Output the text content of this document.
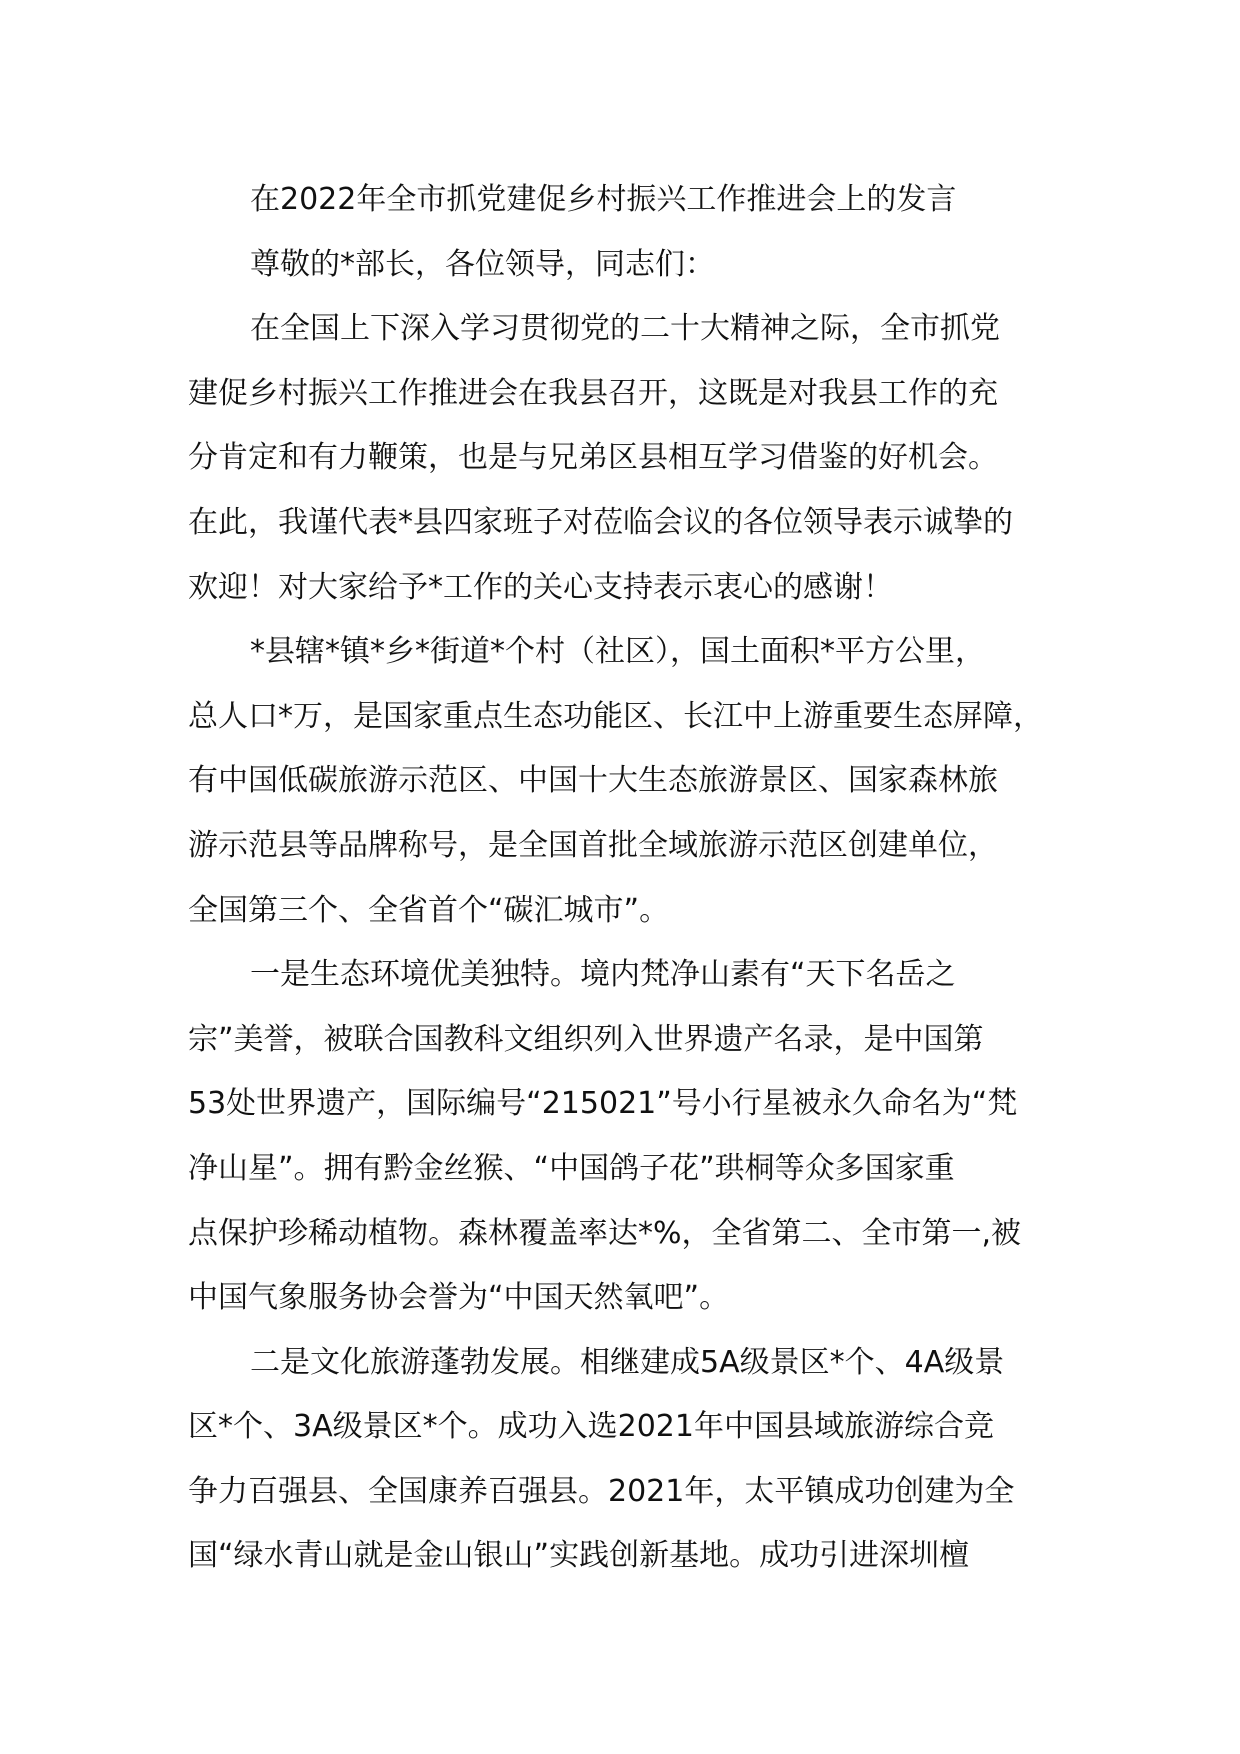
在2022年全市抓党建促乡村振兴工作推进会上的发言
尊敬的*部长，各位领导，同志们：
在全国上下深入学习贯彻党的二十大精神之际，全市抓党
建促乡村振兴工作推进会在我县召开，这既是对我县工作的充
分肯定和有力鞭策，也是与兄弟区县相互学习借鉴的好机会。
在此，我谨代表*县四家班子对莅临会议的各位领导表示诚挚的
欢迎！对大家给予*工作的关心支持表示衷心的感谢！
*县辖*镇*乡*街道*个村（社区），国土面积*平方公里，
总人口*万，是国家重点生态功能区、长江中上游重要生态屏障，
有中国低碳旅游示范区、中国十大生态旅游景区、国家森林旅
游示范县等品牌称号，是全国首批全域旅游示范区创建单位，
全国第三个、全省首个“碳汇城市”。
一是生态环境优美独特。境内梵净山素有“天下名岳之
宗”美誉，被联合国教科文组织列入世界遗产名录，是中国第
53处世界遗产，国际编号“215021”号小行星被永久命名为“梵
净山星”。拥有黔金丝猴、“中国鸽子花”珙桐等众多国家重
点保护珍稀动植物。森林覆盖率达*%，全省第二、全市第一,被
中国气象服务协会誉为“中国天然氧吧”。
二是文化旅游蓬勃发展。相继建成5A级景区*个、4A级景
区*个、3A级景区*个。成功入选2021年中国县域旅游综合竞
争力百强县、全国康养百强县。2021年，太平镇成功创建为全
国“绿水青山就是金山银山”实践创新基地。成功引进深圳檀
